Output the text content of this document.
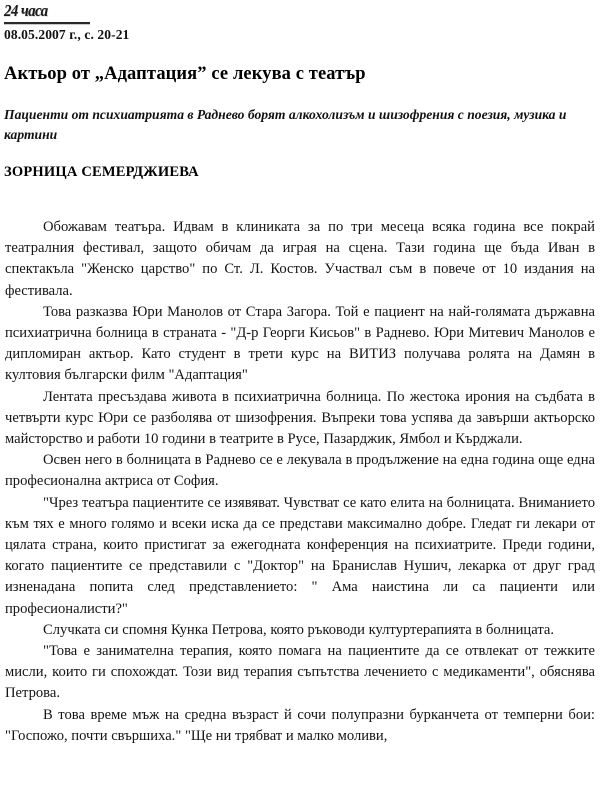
24 часа
08.05.2007 г., с. 20-21
Актьор от „Адаптация” се лекува с театър
Пациенти от психиатрията в Раднево борят алкохолизъм и шизофрения с поезия, музика и картини
ЗОРНИЦА СЕМЕРДЖИЕВА

Обожавам театъра. Идвам в клиниката за по три месеца всяка година все покрай театралния фестивал, защото обичам да играя на сцена. Тази година ще бъда Иван в спектакъла "Женско царство" по Ст. Л. Костов. Участвал съм в повече от 10 издания на фестивала.

Това разказва Юри Манолов от Стара Загора. Той е пациент на най-голямата държавна психиатрична болница в страната - "Д-р Георги Кисьов" в Раднево. Юри Митевич Манолов е дипломиран актьор. Като студент в трети курс на ВИТИЗ получава ролята на Дамян в култовия български филм "Адаптация"

Лентата пресъздава живота в психиатрична болница. По жестока ирония на съдбата в четвърти курс Юри се разболява от шизофрения. Въпреки това успява да завърши актьорско майсторство и работи 10 години в театрите в Русе, Пазарджик, Ямбол и Кърджали.

Освен него в болницата в Раднево се е лекувала в продължение на една година още една професионална актриса от София.

"Чрез театъра пациентите се изявяват. Чувстват се като елита на болницата. Вниманието към тях е много голямо и всеки иска да се представи максимално добре. Гледат ги лекари от цялата страна, които пристигат за ежегодната конференция на психиатрите. Преди години, когато пациентите се представили с "Доктор" на Бранислав Нушич, лекарка от друг град изненадана попита след представлението: " Ама наистина ли са пациенти или професионалисти?"

Случката си спомня Кунка Петрова, която ръководи културтерапията в болницата.

"Това е занимателна терапия, която помага на пациентите да се отвлекат от тежките мисли, които ги спохождат. Този вид терапия съпътства лечението с медикаменти", обяснява Петрова.

В това време мъж на средна възраст й сочи полупразни бурканчета от темперни бои: "Госпожо, почти свършиха." "Ще ни трябват и малко моливи,
